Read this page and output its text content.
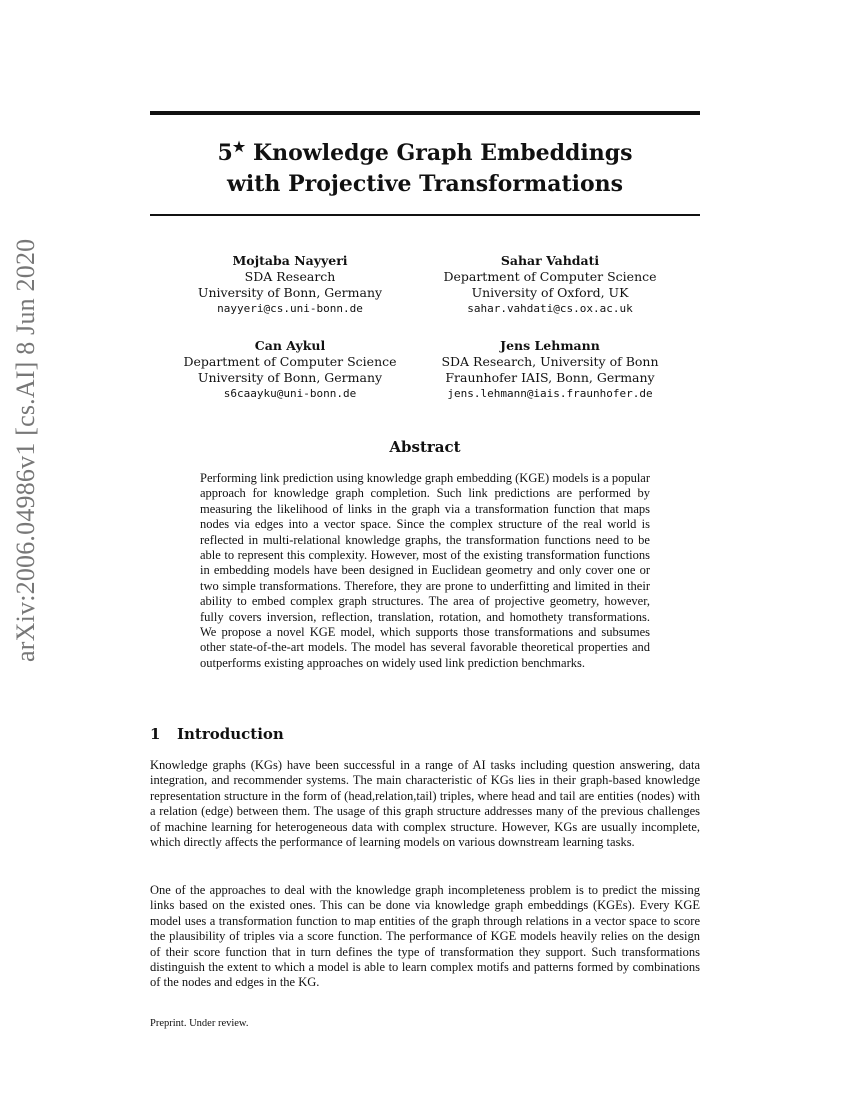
arXiv:2006.04986v1 [cs.AI] 8 Jun 2020
5★ Knowledge Graph Embeddings
with Projective Transformations
Mojtaba Nayyeri
SDA Research
University of Bonn, Germany
nayyeri@cs.uni-bonn.de
Sahar Vahdati
Department of Computer Science
University of Oxford, UK
sahar.vahdati@cs.ox.ac.uk
Can Aykul
Department of Computer Science
University of Bonn, Germany
s6caayku@uni-bonn.de
Jens Lehmann
SDA Research, University of Bonn
Fraunhofer IAIS, Bonn, Germany
jens.lehmann@iais.fraunhofer.de
Abstract

Performing link prediction using knowledge graph embedding (KGE) models is a popular approach for knowledge graph completion. Such link predictions are performed by measuring the likelihood of links in the graph via a transformation function that maps nodes via edges into a vector space. Since the complex structure of the real world is reflected in multi-relational knowledge graphs, the transformation functions need to be able to represent this complexity. However, most of the existing transformation functions in embedding models have been designed in Euclidean geometry and only cover one or two simple transformations. Therefore, they are prone to underfitting and limited in their ability to embed complex graph structures. The area of projective geometry, however, fully covers inversion, reflection, translation, rotation, and homothety transformations. We propose a novel KGE model, which supports those transformations and subsumes other state-of-the-art models. The model has several favorable theoretical properties and outperforms existing approaches on widely used link prediction benchmarks.

1 Introduction

Knowledge graphs (KGs) have been successful in a range of AI tasks including question answering, data integration, and recommender systems. The main characteristic of KGs lies in their graph-based knowledge representation structure in the form of (head,relation,tail) triples, where head and tail are entities (nodes) with a relation (edge) between them. The usage of this graph structure addresses many of the previous challenges of machine learning for heterogeneous data with complex structure. However, KGs are usually incomplete, which directly affects the performance of learning models on various downstream learning tasks.

One of the approaches to deal with the knowledge graph incompleteness problem is to predict the missing links based on the existed ones. This can be done via knowledge graph embeddings (KGEs). Every KGE model uses a transformation function to map entities of the graph through relations in a vector space to score the plausibility of triples via a score function. The performance of KGE models heavily relies on the design of their score function that in turn defines the type of transformation they support. Such transformations distinguish the extent to which a model is able to learn complex motifs and patterns formed by combinations of the nodes and edges in the KG.

Preprint. Under review.
